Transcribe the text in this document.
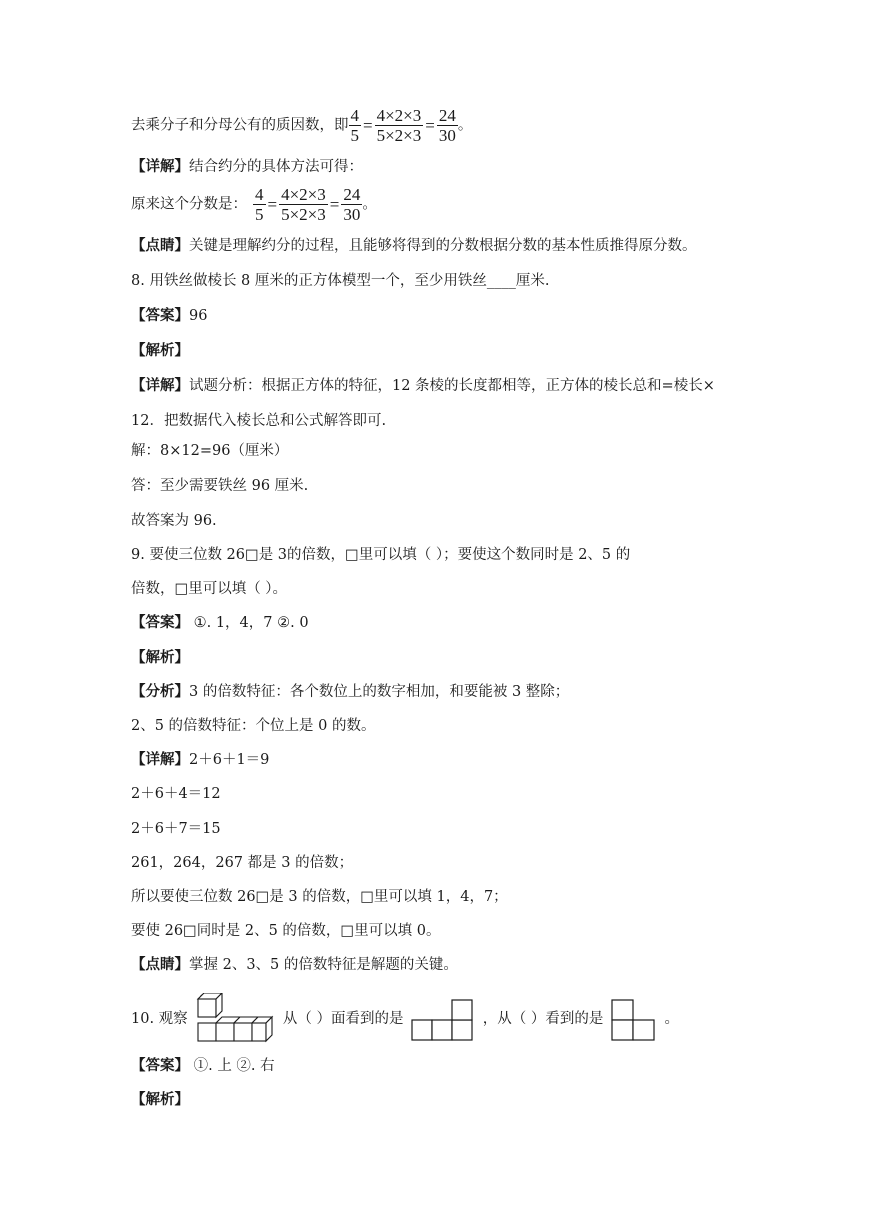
去乘分子和分母公有的质因数，即 $\frac{4}{5} = \frac{4\times 2\times 3}{5\times 2\times 3} = \frac{24}{30}$ 。
【详解】结合约分的具体方法可得：
原来这个分数是： $\frac{4}{5} = \frac{4\times 2\times 3}{5\times 2\times 3} = \frac{24}{30}$ 。
【点睛】关键是理解约分的过程，且能够将得到的分数根据分数的基本性质推得原分数。
8. 用铁丝做棱长 8 厘米的正方体模型一个，至少用铁丝____厘米.
【答案】96
【解析】
【详解】试题分析：根据正方体的特征，12 条棱的长度都相等，正方体的棱长总和=棱长×
12．把数据代入棱长总和公式解答即可.
解：8×12=96（厘米）
答：至少需要铁丝 96 厘米.
故答案为 96.
9. 要使三位数 26□是 3的倍数，□里可以填（ ）；要使这个数同时是 2、5 的
倍数，□里可以填（ ）。
【答案】 ①. 1，4，7 ②. 0
【解析】
【分析】3 的倍数特征：各个数位上的数字相加，和要能被 3 整除；
2、5 的倍数特征：个位上是 0 的数。
【详解】2＋6＋1＝9
2＋6＋4＝12
2＋6＋7＝15
261，264，267 都是 3 的倍数；
所以要使三位数 26□是 3 的倍数，□里可以填 1，4，7；
要使 26□同时是 2、5 的倍数，□里可以填 0。
【点睛】掌握 2、3、5 的倍数特征是解题的关键。
10. 观察	从（ ）面看到的是	，从（ ）看到的是	。
【答案】 ①. 上 ②. 右
【解析】
